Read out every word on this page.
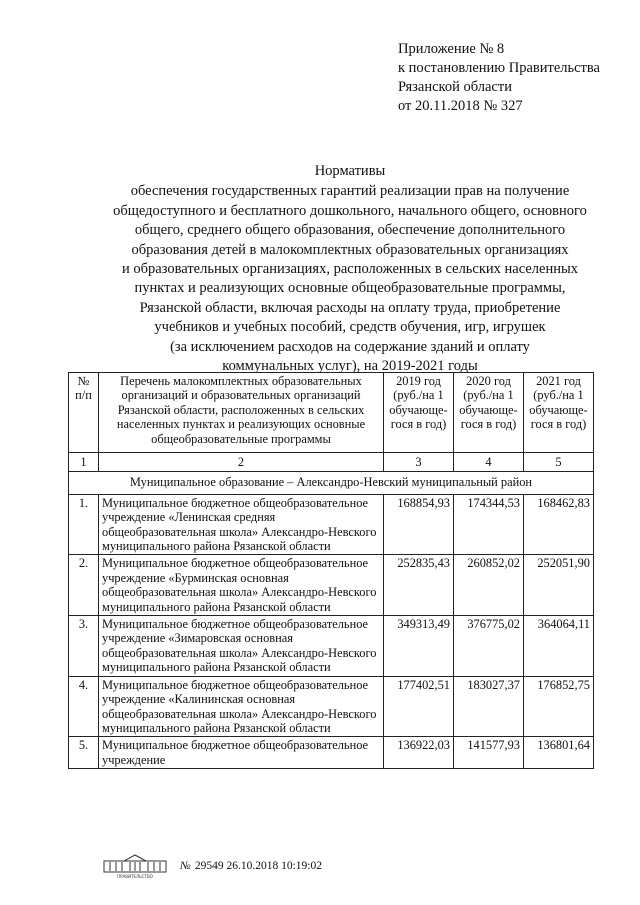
Приложение № 8
к постановлению Правительства
Рязанской области
от 20.11.2018 № 327
Нормативы
обеспечения государственных гарантий реализации прав на получение
общедоступного и бесплатного дошкольного, начального общего, основного
общего, среднего общего образования, обеспечение дополнительного
образования детей в малокомплектных образовательных организациях
и образовательных организациях, расположенных в сельских населенных
пунктах и реализующих основные общеобразовательные программы,
Рязанской области, включая расходы на оплату труда, приобретение
учебников и учебных пособий, средств обучения, игр, игрушек
(за исключением расходов на содержание зданий и оплату
коммунальных услуг), на 2019-2021 годы
№ п/п	Перечень малокомплектных образовательных организаций и образовательных организаций Рязанской области, расположенных в сельских населенных пунктах и реализующих основные общеобразовательные программы	2019 год (руб./на 1 обучающе-гося в год)	2020 год (руб./на 1 обучающе-гося в год)	2021 год (руб./на 1 обучающе-гося в год)
1	2	3	4	5
Муниципальное образование – Александро-Невский муниципальный район				
1.	Муниципальное бюджетное общеобразовательное учреждение «Ленинская средняя общеобразовательная школа» Александро-Невского муниципального района Рязанской области	168854,93	174344,53	168462,83
2.	Муниципальное бюджетное общеобразовательное учреждение «Бурминская основная общеобразовательная школа» Александро-Невского муниципального района Рязанской области	252835,43	260852,02	252051,90
3.	Муниципальное бюджетное общеобразовательное учреждение «Зимаровская основная общеобразовательная школа» Александро-Невского муниципального района Рязанской области	349313,49	376775,02	364064,11
4.	Муниципальное бюджетное общеобразовательное учреждение «Калининская основная общеобразовательная школа» Александро-Невского муниципального района Рязанской области	177402,51	183027,37	176852,75
5.	Муниципальное бюджетное общеобразовательное учреждение	136922,03	141577,93	136801,64
ПРАВИТЕЛЬСТВО
№ 29549 26.10.2018 10:19:02
